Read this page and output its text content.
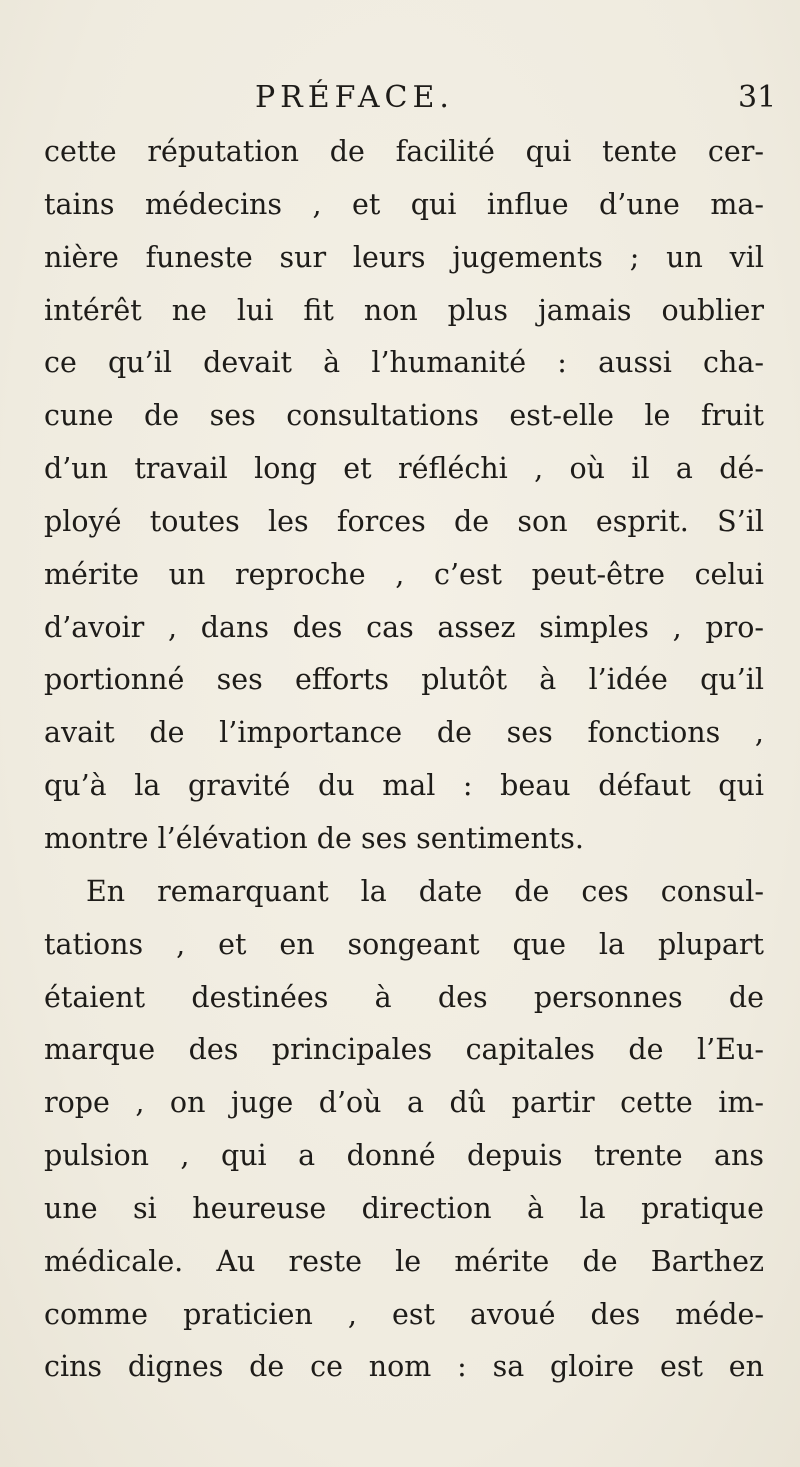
PRÉFACE.	31
cette réputation de facilité qui tente cer-
tains médecins , et qui influe d’une ma-
nière funeste sur leurs jugements ; un vil
intérêt ne lui fit non plus jamais oublier
ce qu’il devait à l’humanité : aussi cha-
cune de ses consultations est-elle le fruit
d’un travail long et réfléchi , où il a dé-
ployé toutes les forces de son esprit. S’il
mérite un reproche , c’est peut-être celui
d’avoir , dans des cas assez simples , pro-
portionné ses efforts plutôt à l’idée qu’il
avait de l’importance de ses fonctions ,
qu’à la gravité du mal : beau défaut qui
montre l’élévation de ses sentiments.
En remarquant la date de ces consul-
tations , et en songeant que la plupart
étaient destinées à des personnes de
marque des principales capitales de l’Eu-
rope , on juge d’où a dû partir cette im-
pulsion , qui a donné depuis trente ans
une si heureuse direction à la pratique
médicale. Au reste le mérite de Barthez
comme praticien , est avoué des méde-
cins dignes de ce nom : sa gloire est en
